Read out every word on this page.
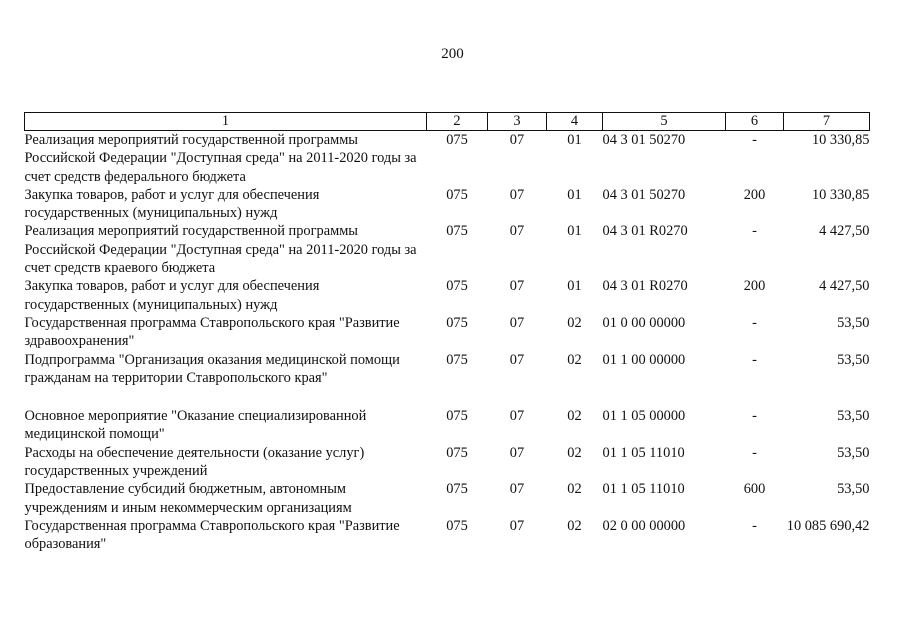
200
1	2	3	4	5	6	7
Реализация мероприятий государственной программы Российской Федерации "Доступная среда" на 2011-2020 годы за счет средств федерального бюджета	075	07	01	04 3 01 50270	-	10 330,85
Закупка товаров, работ и услуг для обеспечения государственных (муниципальных) нужд	075	07	01	04 3 01 50270	200	10 330,85
Реализация мероприятий государственной программы Российской Федерации "Доступная среда" на 2011-2020 годы за счет средств краевого бюджета	075	07	01	04 3 01 R0270	-	4 427,50
Закупка товаров, работ и услуг для обеспечения государственных (муниципальных) нужд	075	07	01	04 3 01 R0270	200	4 427,50
Государственная программа Ставропольского края "Развитие здравоохранения"	075	07	02	01 0 00 00000	-	53,50
Подпрограмма "Организация оказания медицинской помощи гражданам на территории Ставропольского края"	075	07	02	01 1 00 00000	-	53,50
Основное мероприятие "Оказание специализированной медицинской помощи"	075	07	02	01 1 05 00000	-	53,50
Расходы на обеспечение деятельности (оказание услуг) государственных учреждений	075	07	02	01 1 05 11010	-	53,50
Предоставление субсидий бюджетным, автономным учреждениям и иным некоммерческим организациям	075	07	02	01 1 05 11010	600	53,50
Государственная программа Ставропольского края "Развитие образования"	075	07	02	02 0 00 00000	-	10 085 690,42
